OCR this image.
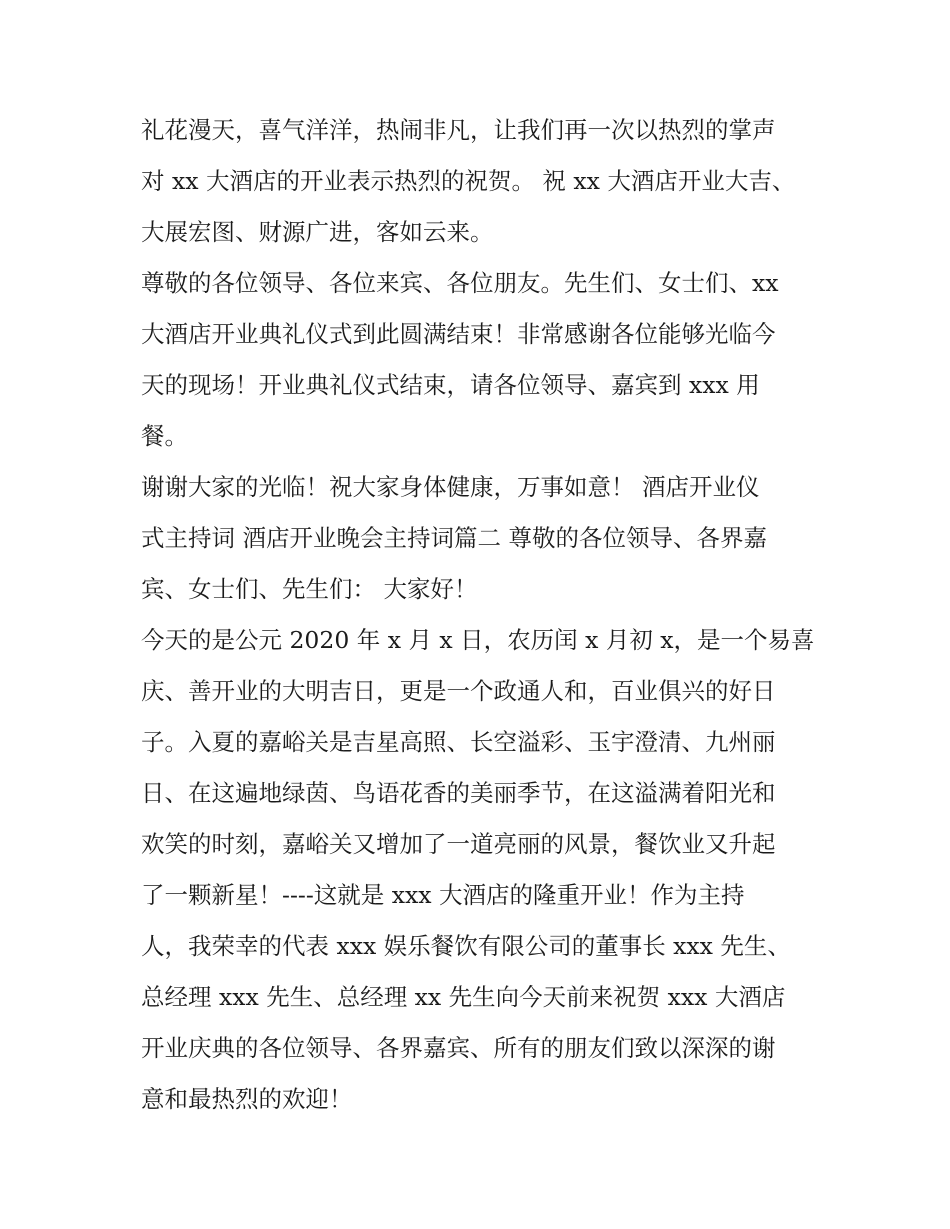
礼花漫天，喜气洋洋，热闹非凡，让我们再一次以热烈的掌声
对 xx 大酒店的开业表示热烈的祝贺。 祝 xx 大酒店开业大吉、
大展宏图、财源广进，客如云来。
尊敬的各位领导、各位来宾、各位朋友。先生们、女士们、xx
大酒店开业典礼仪式到此圆满结束！非常感谢各位能够光临今
天的现场！开业典礼仪式结束，请各位领导、嘉宾到 xxx 用
餐。
谢谢大家的光临！祝大家身体健康，万事如意！ 酒店开业仪
式主持词 酒店开业晚会主持词篇二 尊敬的各位领导、各界嘉
宾、女士们、先生们： 大家好！
今天的是公元 2020 年 x 月 x 日，农历闰 x 月初 x，是一个易喜
庆、善开业的大明吉日，更是一个政通人和，百业俱兴的好日
子。入夏的嘉峪关是吉星高照、长空溢彩、玉宇澄清、九州丽
日、在这遍地绿茵、鸟语花香的美丽季节，在这溢满着阳光和
欢笑的时刻，嘉峪关又增加了一道亮丽的风景，餐饮业又升起
了一颗新星！----这就是 xxx 大酒店的隆重开业！作为主持
人，我荣幸的代表 xxx 娱乐餐饮有限公司的董事长 xxx 先生、
总经理 xxx 先生、总经理 xx 先生向今天前来祝贺 xxx 大酒店
开业庆典的各位领导、各界嘉宾、所有的朋友们致以深深的谢
意和最热烈的欢迎！
